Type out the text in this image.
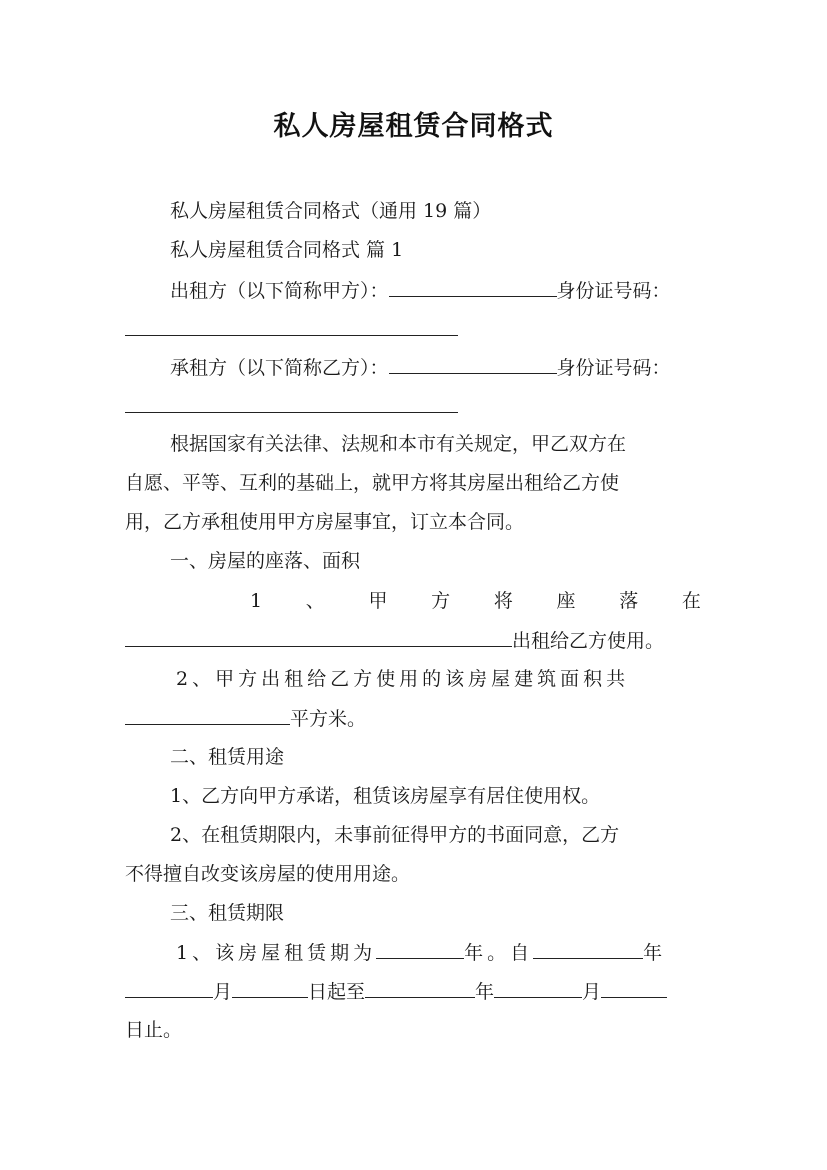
私人房屋租赁合同格式
私人房屋租赁合同格式（通用 19 篇）
私人房屋租赁合同格式 篇 1
出租方（以下简称甲方）：	身份证号码：
承租方（以下简称乙方）：	身份证号码：
根据国家有关法律、法规和本市有关规定，甲乙双方在
自愿、平等、互利的基础上，就甲方将其房屋出租给乙方使
用，乙方承租使用甲方房屋事宜，订立本合同。
一、房屋的座落、面积
1 、 甲 方 将 座 落 在
出租给乙方使用。
2、甲方出租给乙方使用的该房屋建筑面积共
平方米。
二、租赁用途
1、乙方向甲方承诺，租赁该房屋享有居住使用权。
2、在租赁期限内，未事前征得甲方的书面同意，乙方
不得擅自改变该房屋的使用用途。
三、租赁期限
1、该房屋租赁期为	年。自	年
月	日起至	年	月
日止。
